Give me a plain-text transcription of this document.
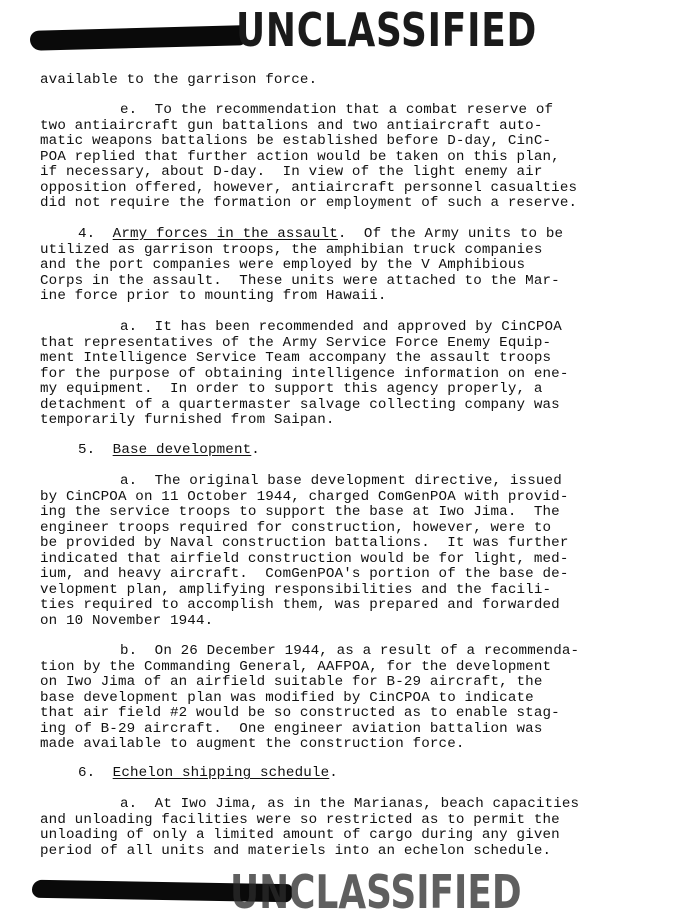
UNCLASSIFIED
available to the garrison force.
e.  To the recommendation that a combat reserve of
two antiaircraft gun battalions and two antiaircraft auto-
matic weapons battalions be established before D-day, CinC-
POA replied that further action would be taken on this plan,
if necessary, about D-day.  In view of the light enemy air
opposition offered, however, antiaircraft personnel casualties
did not require the formation or employment of such a reserve.
4. Army forces in the assault.  Of the Army units to be
utilized as garrison troops, the amphibian truck companies
and the port companies were employed by the V Amphibious
Corps in the assault.  These units were attached to the Mar-
ine force prior to mounting from Hawaii.
a.  It has been recommended and approved by CinCPOA
that representatives of the Army Service Force Enemy Equip-
ment Intelligence Service Team accompany the assault troops
for the purpose of obtaining intelligence information on ene-
my equipment.  In order to support this agency properly, a
detachment of a quartermaster salvage collecting company was
temporarily furnished from Saipan.
5. Base development.
a.  The original base development directive, issued
by CinCPOA on 11 October 1944, charged ComGenPOA with provid-
ing the service troops to support the base at Iwo Jima.  The
engineer troops required for construction, however, were to
be provided by Naval construction battalions.  It was further
indicated that airfield construction would be for light, med-
ium, and heavy aircraft.  ComGenPOA's portion of the base de-
velopment plan, amplifying responsibilities and the facili-
ties required to accomplish them, was prepared and forwarded
on 10 November 1944.
b.  On 26 December 1944, as a result of a recommenda-
tion by the Commanding General, AAFPOA, for the development
on Iwo Jima of an airfield suitable for B-29 aircraft, the
base development plan was modified by CinCPOA to indicate
that air field #2 would be so constructed as to enable stag-
ing of B-29 aircraft.  One engineer aviation battalion was
made available to augment the construction force.
6. Echelon shipping schedule.
a.  At Iwo Jima, as in the Marianas, beach capacities
and unloading facilities were so restricted as to permit the
unloading of only a limited amount of cargo during any given
period of all units and materiels into an echelon schedule.
UNCLASSIFIED
